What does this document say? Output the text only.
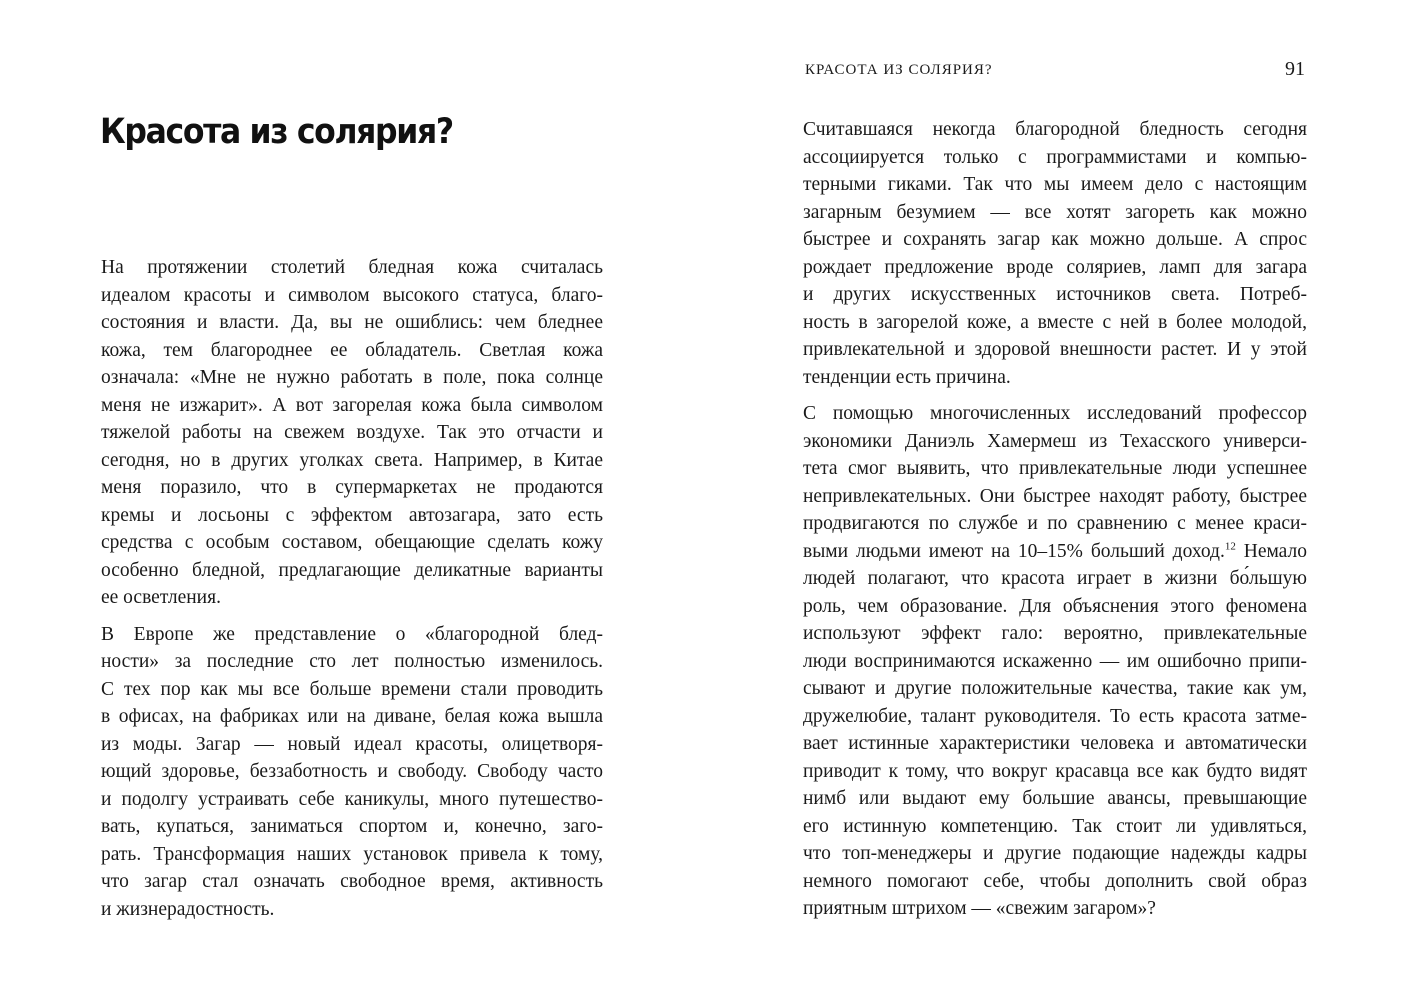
Красота из солярия?

На протяжении столетий бледная кожа считалась
идеалом красоты и символом высокого статуса, благо-
состояния и власти. Да, вы не ошиблись: чем бледнее
кожа, тем благороднее ее обладатель. Светлая кожа
означала: «Мне не нужно работать в поле, пока солнце
меня не изжарит». А вот загорелая кожа была символом
тяжелой работы на свежем воздухе. Так это отчасти и
сегодня, но в других уголках света. Например, в Китае
меня поразило, что в супермаркетах не продаются
кремы и лосьоны с эффектом автозагара, зато есть
средства с особым составом, обещающие сделать кожу
особенно бледной, предлагающие деликатные варианты
ее осветления.

В Европе же представление о «благородной блед-
ности» за последние сто лет полностью изменилось.
С тех пор как мы все больше времени стали проводить
в офисах, на фабриках или на диване, белая кожа вышла
из моды. Загар — новый идеал красоты, олицетворя-
ющий здоровье, беззаботность и свободу. Свободу часто
и подолгу устраивать себе каникулы, много путешество-
вать, купаться, заниматься спортом и, конечно, заго-
рать. Трансформация наших установок привела к тому,
что загар стал означать свободное время, активность
и жизнерадостность.

КРАСОТА ИЗ СОЛЯРИЯ?	91

Считавшаяся некогда благородной бледность сегодня
ассоциируется только с программистами и компью-
терными гиками. Так что мы имеем дело с настоящим
загарным безумием — все хотят загореть как можно
быстрее и сохранять загар как можно дольше. А спрос
рождает предложение вроде соляриев, ламп для загара
и других искусственных источников света. Потреб-
ность в загорелой коже, а вместе с ней в более молодой,
привлекательной и здоровой внешности растет. И у этой
тенденции есть причина.

С помощью многочисленных исследований профессор
экономики Даниэль Хамермеш из Техасского универси-
тета смог выявить, что привлекательные люди успешнее
непривлекательных. Они быстрее находят работу, быстрее
продвигаются по службе и по сравнению с менее краси-
выми людьми имеют на 10–15% больший доход.$^{12}$ Немало
людей полагают, что красота играет в жизни бо́льшую
роль, чем образование. Для объяснения этого феномена
используют эффект гало: вероятно, привлекательные
люди воспринимаются искаженно — им ошибочно припи-
сывают и другие положительные качества, такие как ум,
дружелюбие, талант руководителя. То есть красота затме-
вает истинные характеристики человека и автоматически
приводит к тому, что вокруг красавца все как будто видят
нимб или выдают ему большие авансы, превышающие
его истинную компетенцию. Так стоит ли удивляться,
что топ-менеджеры и другие подающие надежды кадры
немного помогают себе, чтобы дополнить свой образ
приятным штрихом — «свежим загаром»?
